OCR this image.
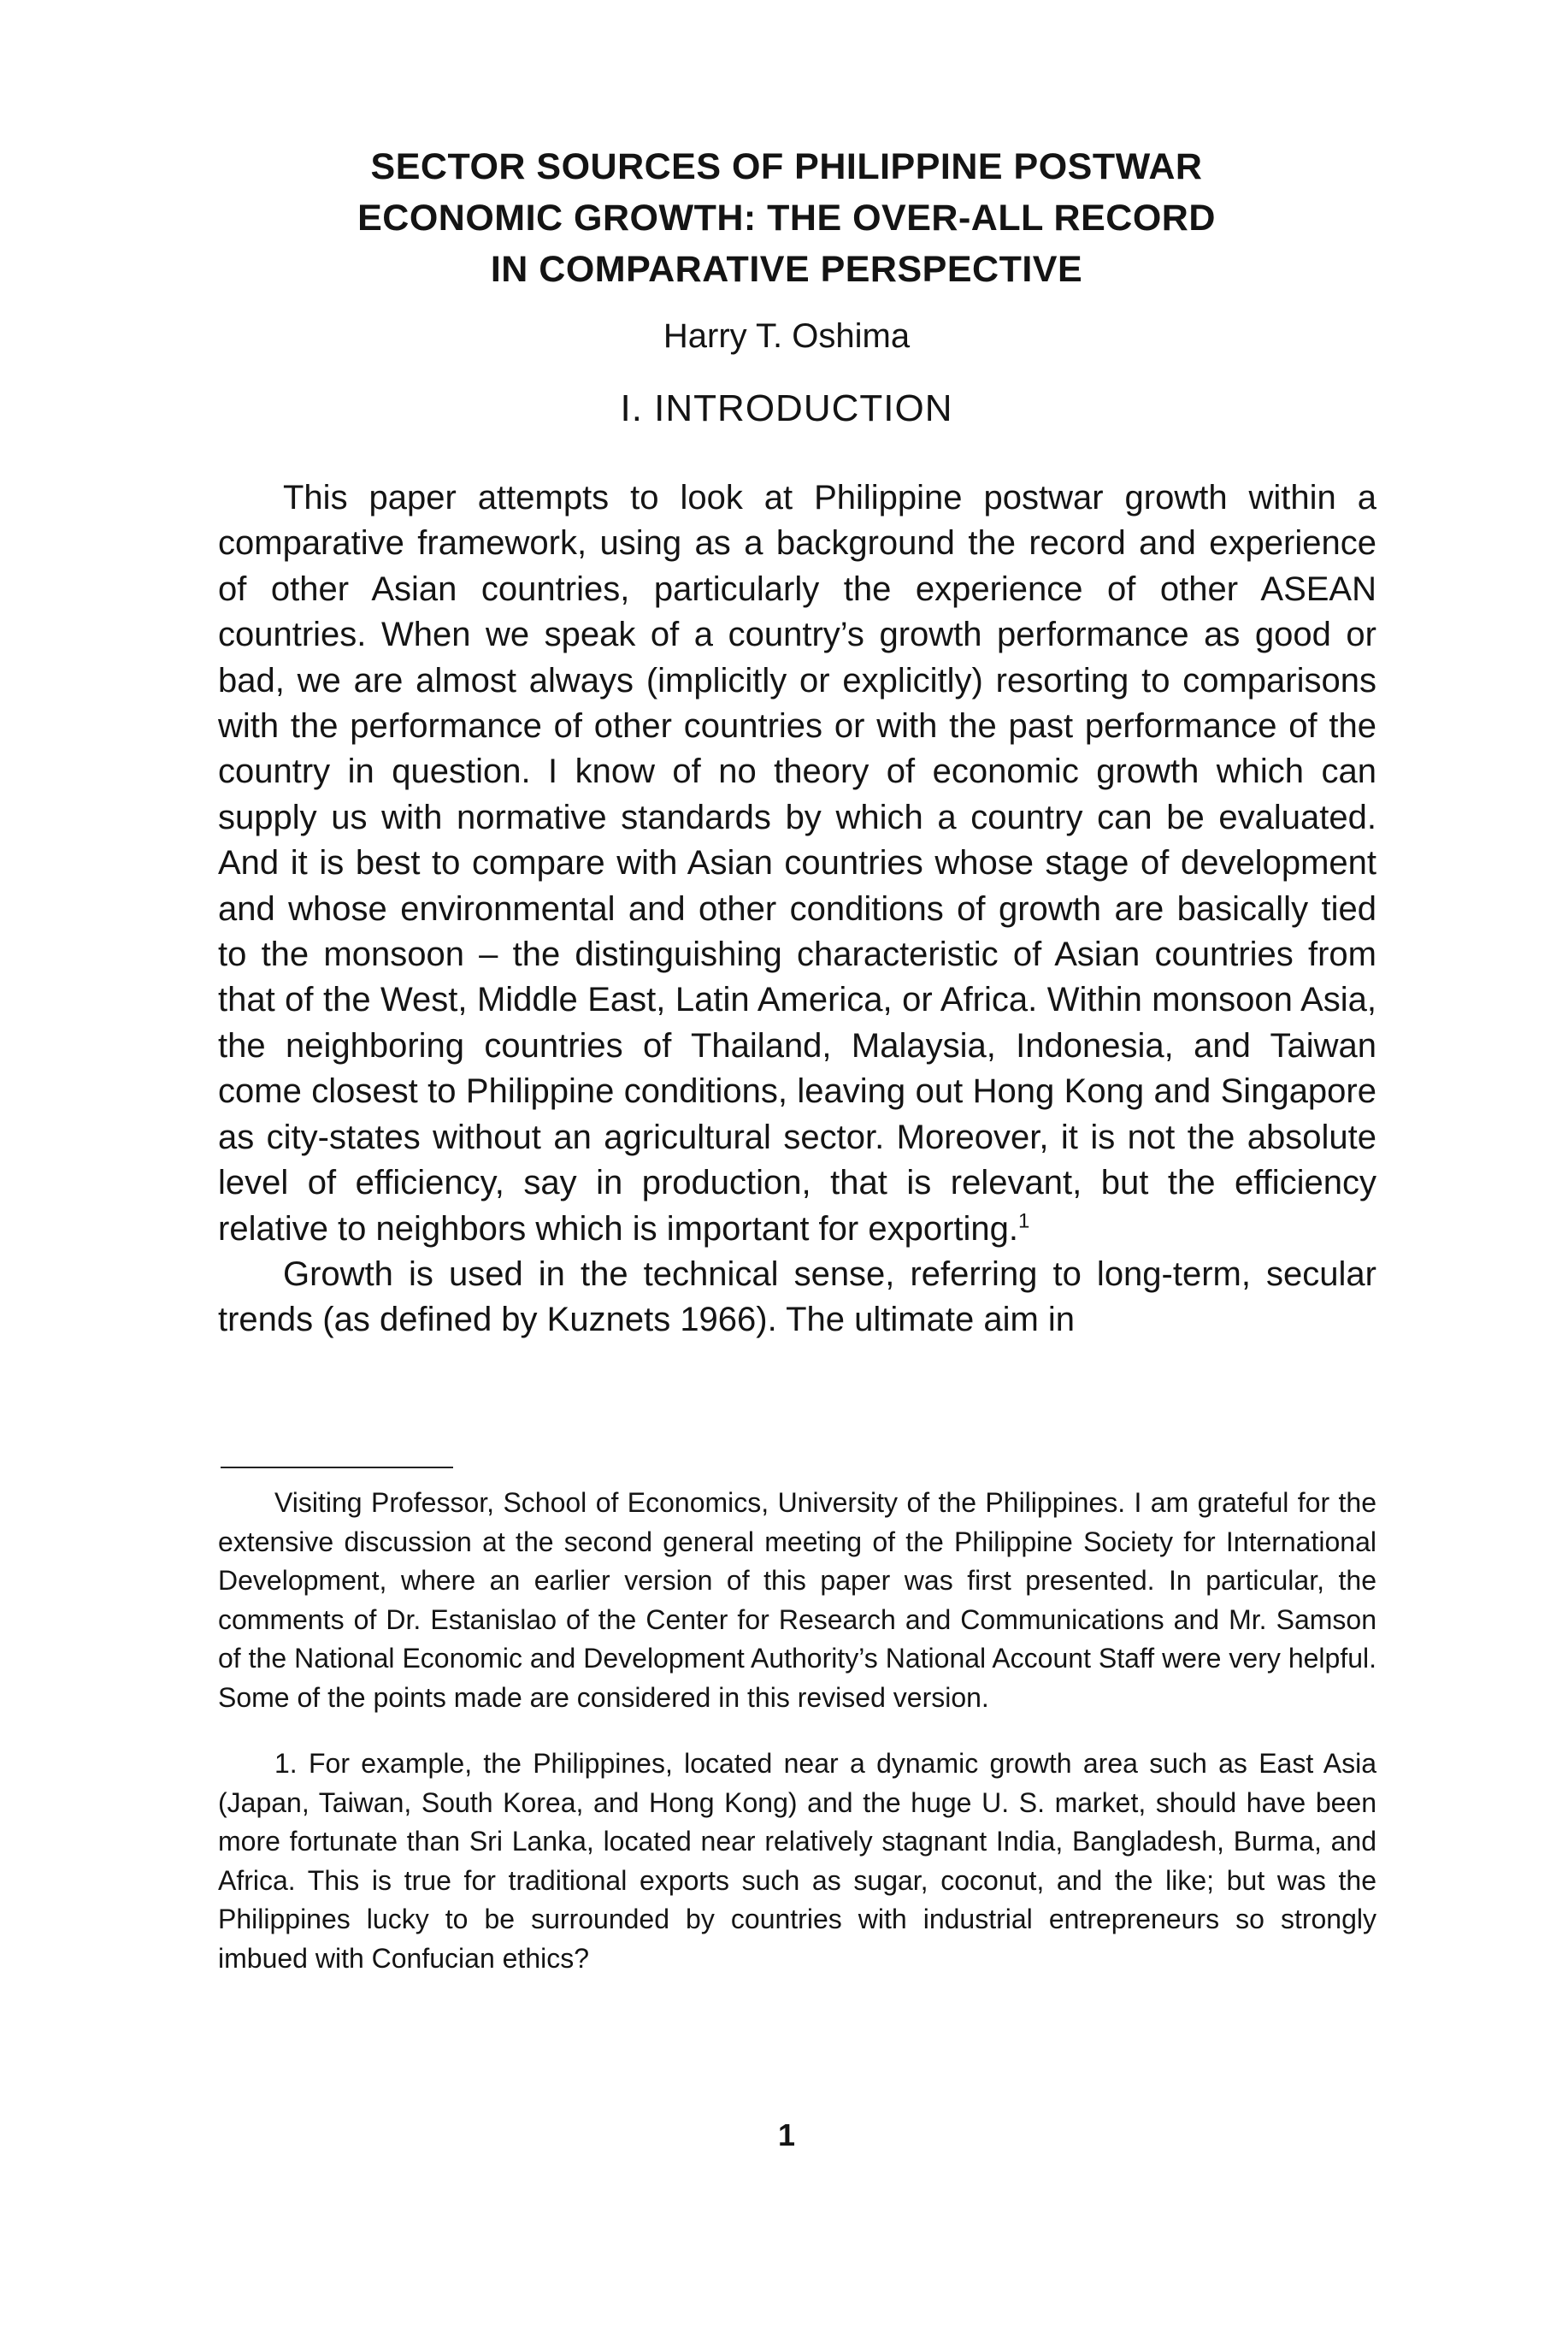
SECTOR SOURCES OF PHILIPPINE POSTWAR
ECONOMIC GROWTH: THE OVER-ALL RECORD
IN COMPARATIVE PERSPECTIVE
Harry T. Oshima
I. INTRODUCTION

This paper attempts to look at Philippine postwar growth within a comparative framework, using as a background the record and experience of other Asian countries, particularly the experience of other ASEAN countries. When we speak of a country’s growth performance as good or bad, we are almost always (implicitly or explicitly) resorting to comparisons with the performance of other countries or with the past performance of the country in question. I know of no theory of economic growth which can supply us with normative standards by which a country can be evaluated. And it is best to compare with Asian countries whose stage of development and whose environmental and other conditions of growth are basically tied to the monsoon – the distinguishing characteristic of Asian countries from that of the West, Middle East, Latin America, or Africa. Within monsoon Asia, the neighboring countries of Thailand, Malaysia, Indonesia, and Taiwan come closest to Philippine conditions, leaving out Hong Kong and Singapore as city-states without an agricultural sector. Moreover, it is not the absolute level of efficiency, say in production, that is relevant, but the efficiency relative to neighbors which is important for exporting.$^1$

Growth is used in the technical sense, referring to long-term, secular trends (as defined by Kuznets 1966). The ultimate aim in

Visiting Professor, School of Economics, University of the Philippines. I am grateful for the extensive discussion at the second general meeting of the Philippine Society for International Development, where an earlier version of this paper was first presented. In particular, the comments of Dr. Estanislao of the Center for Research and Communications and Mr. Samson of the National Economic and Development Authority’s National Account Staff were very helpful. Some of the points made are considered in this revised version.

1. For example, the Philippines, located near a dynamic growth area such as East Asia (Japan, Taiwan, South Korea, and Hong Kong) and the huge U. S. market, should have been more fortunate than Sri Lanka, located near relatively stagnant India, Bangladesh, Burma, and Africa. This is true for traditional exports such as sugar, coconut, and the like; but was the Philippines lucky to be surrounded by countries with industrial entrepreneurs so strongly imbued with Confucian ethics?

1
